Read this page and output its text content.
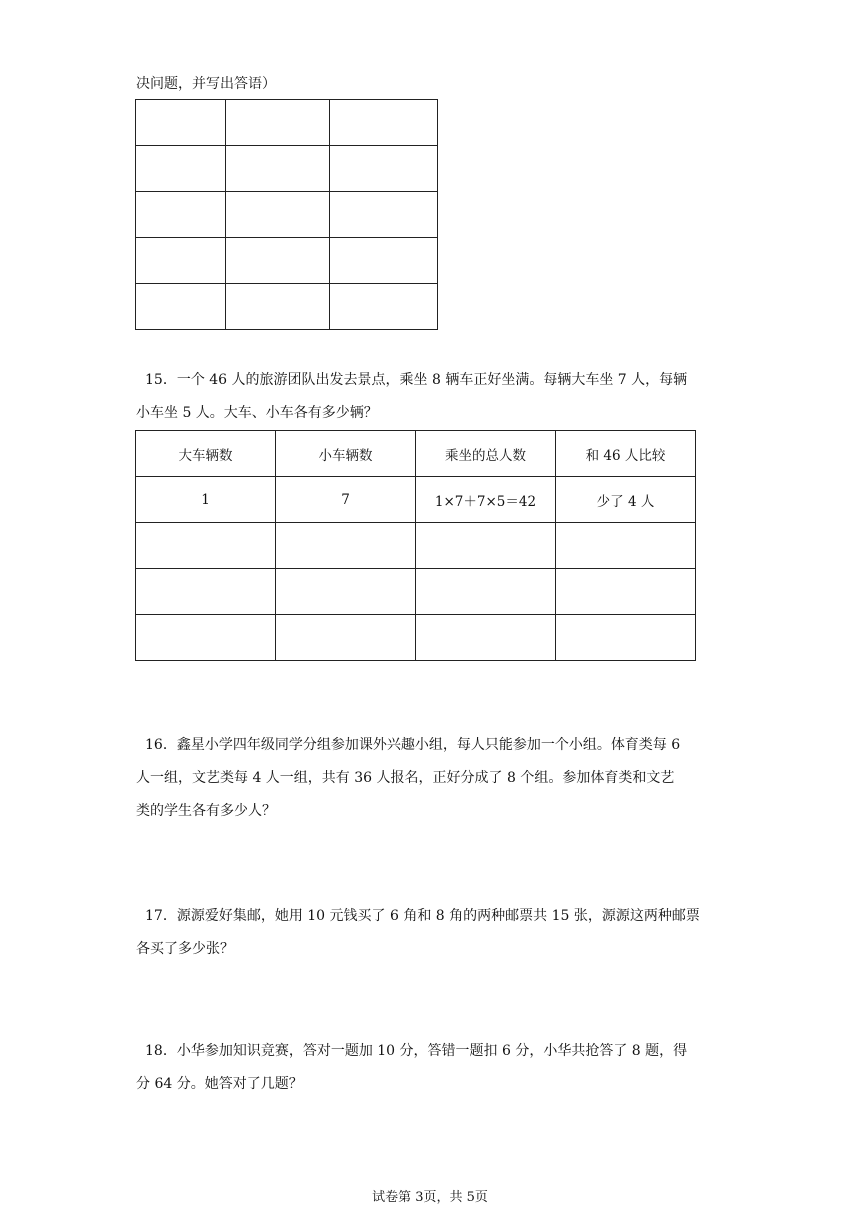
决问题，并写出答语）

15．一个 46 人的旅游团队出发去景点，乘坐 8 辆车正好坐满。每辆大车坐 7 人，每辆
小车坐 5 人。大车、小车各有多少辆？
大车辆数	小车辆数	乘坐的总人数	和 46 人比较
1	7	1×7＋7×5＝42	少了 4 人

16．鑫星小学四年级同学分组参加课外兴趣小组，每人只能参加一个小组。体育类每 6
人一组，文艺类每 4 人一组，共有 36 人报名，正好分成了 8 个组。参加体育类和文艺
类的学生各有多少人？
17．源源爱好集邮，她用 10 元钱买了 6 角和 8 角的两种邮票共 15 张，源源这两种邮票
各买了多少张？
18．小华参加知识竞赛，答对一题加 10 分，答错一题扣 6 分，小华共抢答了 8 题，得
分 64 分。她答对了几题？
试卷第 3页，共 5页
